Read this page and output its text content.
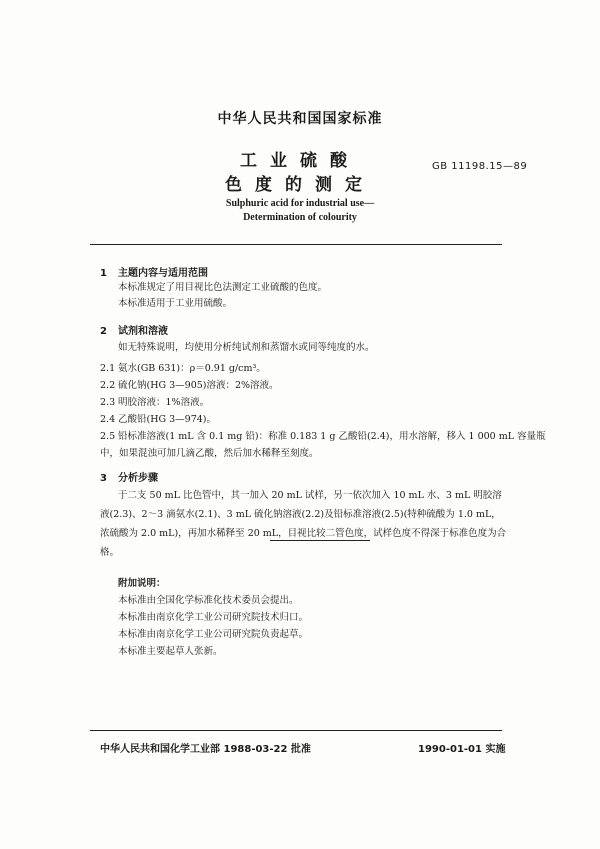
中华人民共和国国家标准
工业硫酸
色度的测定
GB 11198.15—89
Sulphuric acid for industrial use—
Determination of colourity
1 主题内容与适用范围
本标准规定了用目视比色法测定工业硫酸的色度。
本标准适用于工业用硫酸。
2 试剂和溶液
如无特殊说明，均使用分析纯试剂和蒸馏水或同等纯度的水。
2.1 氨水(GB 631)：ρ＝0.91 g/cm³。
2.2 硫化钠(HG 3—905)溶液：2%溶液。
2.3 明胶溶液：1%溶液。
2.4 乙酸铅(HG 3—974)。
2.5 铅标准溶液(1 mL 含 0.1 mg 铅)：称准 0.183 1 g 乙酸铅(2.4)，用水溶解，移入 1 000 mL 容量瓶
中，如果混浊可加几滴乙酸，然后加水稀释至刻度。
3 分析步骤
于二支 50 mL 比色管中，其一加入 20 mL 试样，另一依次加入 10 mL 水、3 mL 明胶溶液(2.3)、2～3 滴氨水(2.1)、3 mL 硫化钠溶液(2.2)及铅标准溶液(2.5)(特种硫酸为 1.0 mL，浓硫酸为 2.0 mL)，再加水稀释至 20 mL，目视比较二管色度，试样色度不得深于标准色度为合格。
附加说明：
本标准由全国化学标准化技术委员会提出。
本标准由南京化学工业公司研究院技术归口。
本标准由南京化学工业公司研究院负责起草。
本标准主要起草人张新。
中华人民共和国化学工业部 1988-03-22 批准	1990-01-01 实施
